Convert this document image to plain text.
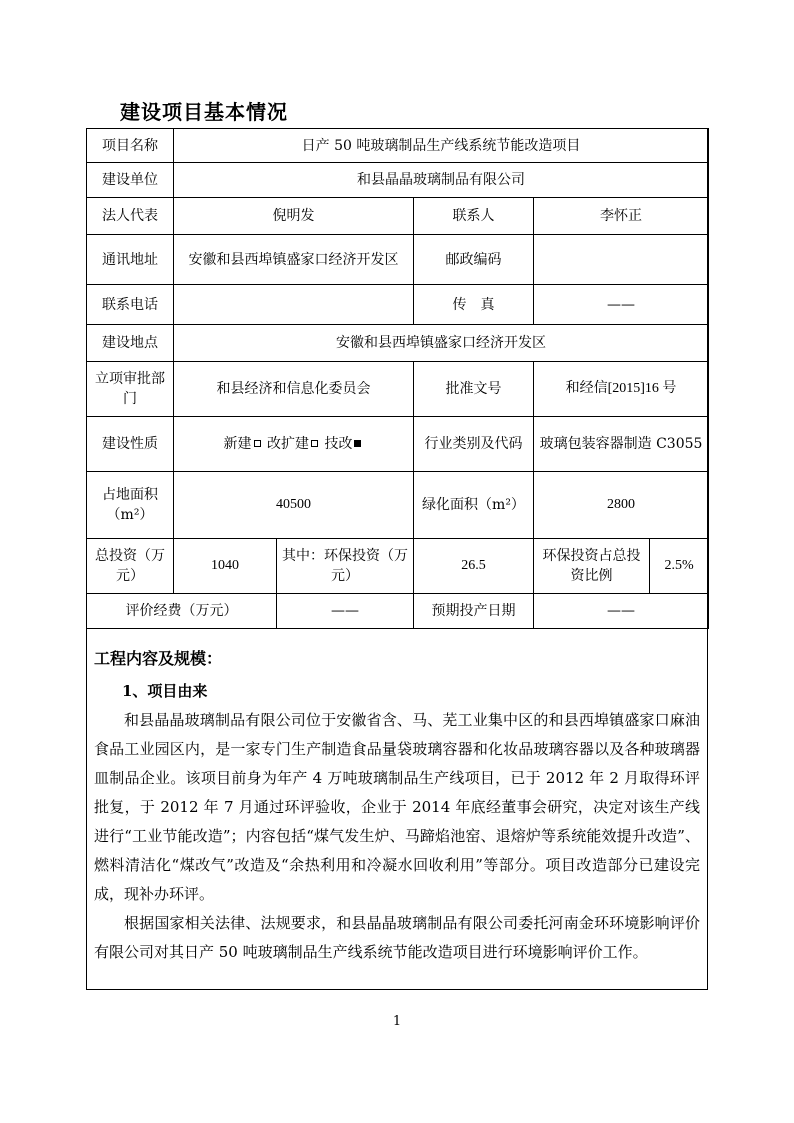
建设项目基本情况
项目名称	日产 50 吨玻璃制品生产线系统节能改造项目				
建设单位	和县晶晶玻璃制品有限公司				
法人代表	倪明发		联系人	李怀正	
通讯地址	安徽和县西埠镇盛家口经济开发区		邮政编码		
联系电话			传　真	——	
建设地点	安徽和县西埠镇盛家口经济开发区				
立项审批部门	和县经济和信息化委员会		批准文号	和经信[2015]16 号	
建设性质	新建 改扩建 技改		行业类别及代码	玻璃包装容器制造 C3055	
占地面积（m²）	40500		绿化面积（m²）	2800	
总投资（万元）	1040	其中：环保投资（万元）	26.5	环保投资占总投资比例	2.5%
评价经费（万元）		——	预期投产日期	——	
工程内容及规模：
1、项目由来

和县晶晶玻璃制品有限公司位于安徽省含、马、芜工业集中区的和县西埠镇盛家口麻油食品工业园区内，是一家专门生产制造食品量袋玻璃容器和化妆品玻璃容器以及各种玻璃器皿制品企业。该项目前身为年产 4 万吨玻璃制品生产线项目，已于 2012 年 2 月取得环评批复，于 2012 年 7 月通过环评验收，企业于 2014 年底经董事会研究，决定对该生产线进行“工业节能改造”；内容包括“煤气发生炉、马蹄焰池窑、退熔炉等系统能效提升改造”、燃料清洁化“煤改气”改造及“余热利用和冷凝水回收利用”等部分。项目改造部分已建设完成，现补办环评。

根据国家相关法律、法规要求，和县晶晶玻璃制品有限公司委托河南金环环境影响评价有限公司对其日产 50 吨玻璃制品生产线系统节能改造项目进行环境影响评价工作。

1
